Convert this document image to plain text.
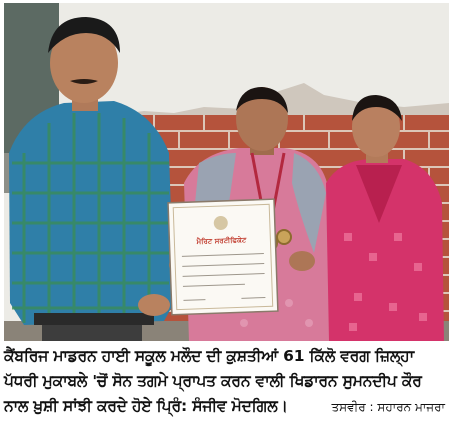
ਮੈਰਿਟ ਸਰਟੀਫਿਕੇਟ
ਕੈਂਬਰਿਜ ਮਾਡਰਨ ਹਾਈ ਸਕੂਲ ਮਲੌਦ ਦੀ ਕੁਸ਼ਤੀਆਂ 61 ਕਿੱਲੋ ਵਰਗ ਜ਼ਿਲ੍ਹਾ
ਪੱਧਰੀ ਮੁਕਾਬਲੇ 'ਚੋਂ ਸੋਨ ਤਗਮੇ ਪ੍ਰਾਪਤ ਕਰਨ ਵਾਲੀ ਖਿਡਾਰਨ ਸੁਮਨਦੀਪ ਕੌਰ
ਨਾਲ ਖ਼ੁਸ਼ੀ ਸਾਂਝੀ ਕਰਦੇ ਹੋਏ ਪ੍ਰਿੰ: ਸੰਜੀਵ ਮੋਦਗਿਲ।	ਤਸਵੀਰ : ਸਹਾਰਨ ਮਾਜਰਾ
